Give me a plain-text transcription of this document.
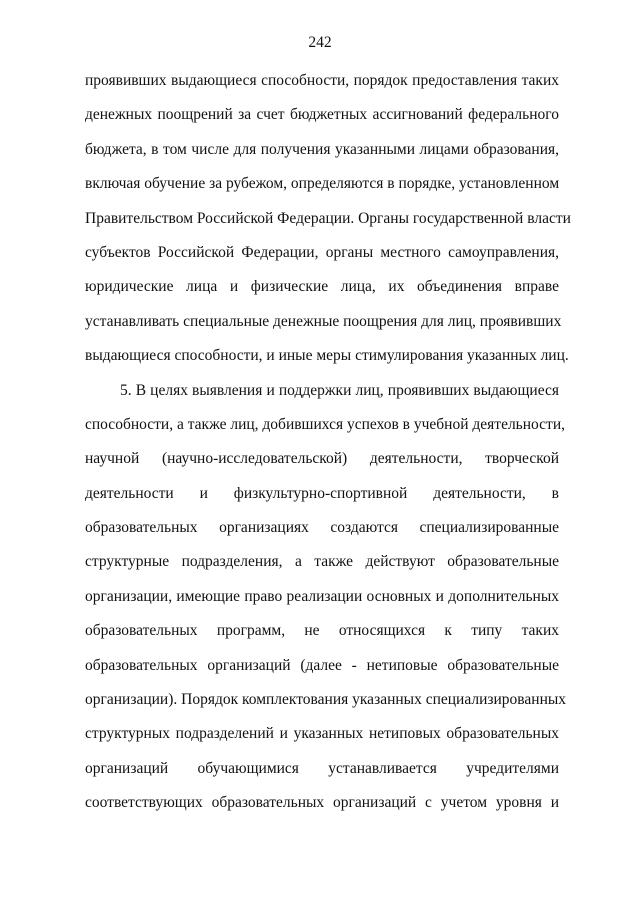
242
проявивших выдающиеся способности, порядок предоставления таких
денежных поощрений за счет бюджетных ассигнований федерального
бюджета, в том числе для получения указанными лицами образования,
включая обучение за рубежом, определяются в порядке, установленном
Правительством Российской Федерации. Органы государственной власти
субъектов Российской Федерации, органы местного самоуправления,
юридические лица и физические лица, их объединения вправе
устанавливать специальные денежные поощрения для лиц, проявивших
выдающиеся способности, и иные меры стимулирования указанных лиц.
5. В целях выявления и поддержки лиц, проявивших выдающиеся
способности, а также лиц, добившихся успехов в учебной деятельности,
научной (научно-исследовательской) деятельности, творческой
деятельности и физкультурно-спортивной деятельности, в
образовательных организациях создаются специализированные
структурные подразделения, а также действуют образовательные
организации, имеющие право реализации основных и дополнительных
образовательных программ, не относящихся к типу таких
образовательных организаций (далее - нетиповые образовательные
организации). Порядок комплектования указанных специализированных
структурных подразделений и указанных нетиповых образовательных
организаций обучающимися устанавливается учредителями
соответствующих образовательных организаций с учетом уровня и
